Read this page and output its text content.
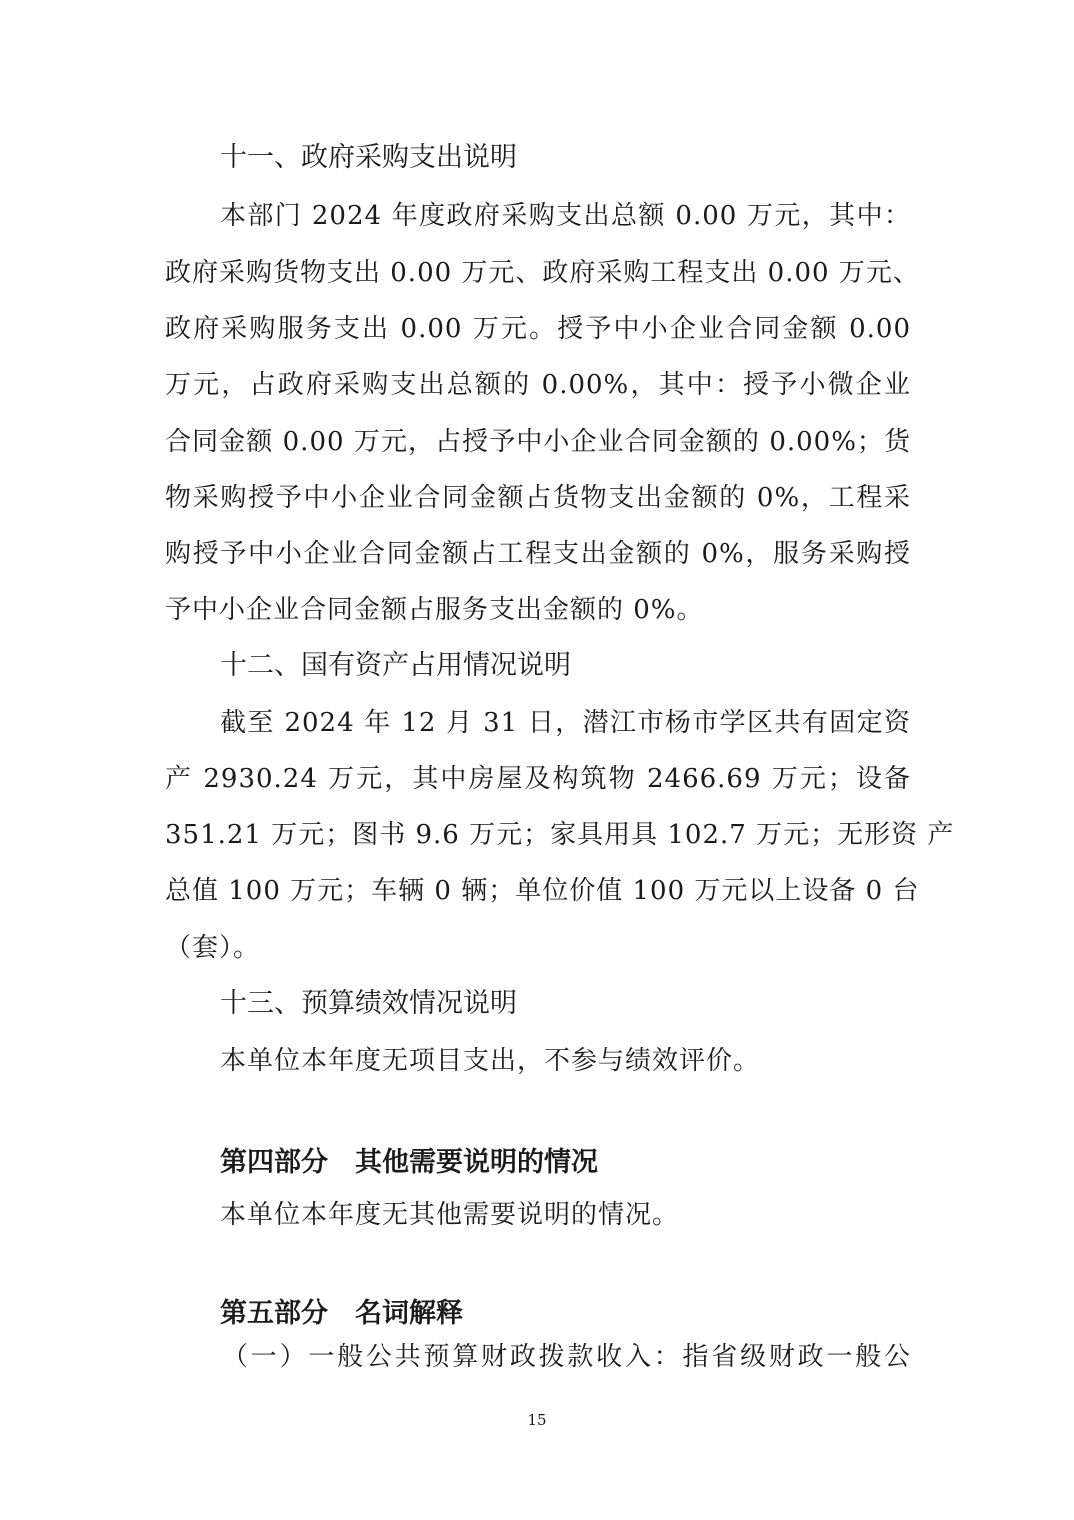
十一、政府采购支出说明
本部门 2024 年度政府采购支出总额 0.00 万元，其中：
政府采购货物支出 0.00 万元、政府采购工程支出 0.00 万元、
政府采购服务支出 0.00 万元。授予中小企业合同金额 0.00
万元，占政府采购支出总额的 0.00%，其中：授予小微企业
合同金额 0.00 万元，占授予中小企业合同金额的 0.00%；货
物采购授予中小企业合同金额占货物支出金额的 0%，工程采
购授予中小企业合同金额占工程支出金额的 0%，服务采购授
予中小企业合同金额占服务支出金额的 0%。
十二、国有资产占用情况说明
截至 2024 年 12 月 31 日，潜江市杨市学区共有固定资
产 2930.24 万元，其中房屋及构筑物 2466.69 万元；设备
351.21 万元；图书 9.6 万元；家具用具 102.7 万元；无形资 产
总值 100 万元；车辆 0 辆；单位价值 100 万元以上设备 0 台
（套）。
十三、预算绩效情况说明
本单位本年度无项目支出，不参与绩效评价。
第四部分　其他需要说明的情况
本单位本年度无其他需要说明的情况。
第五部分　名词解释
（一）一般公共预算财政拨款收入：指省级财政一般公
15
